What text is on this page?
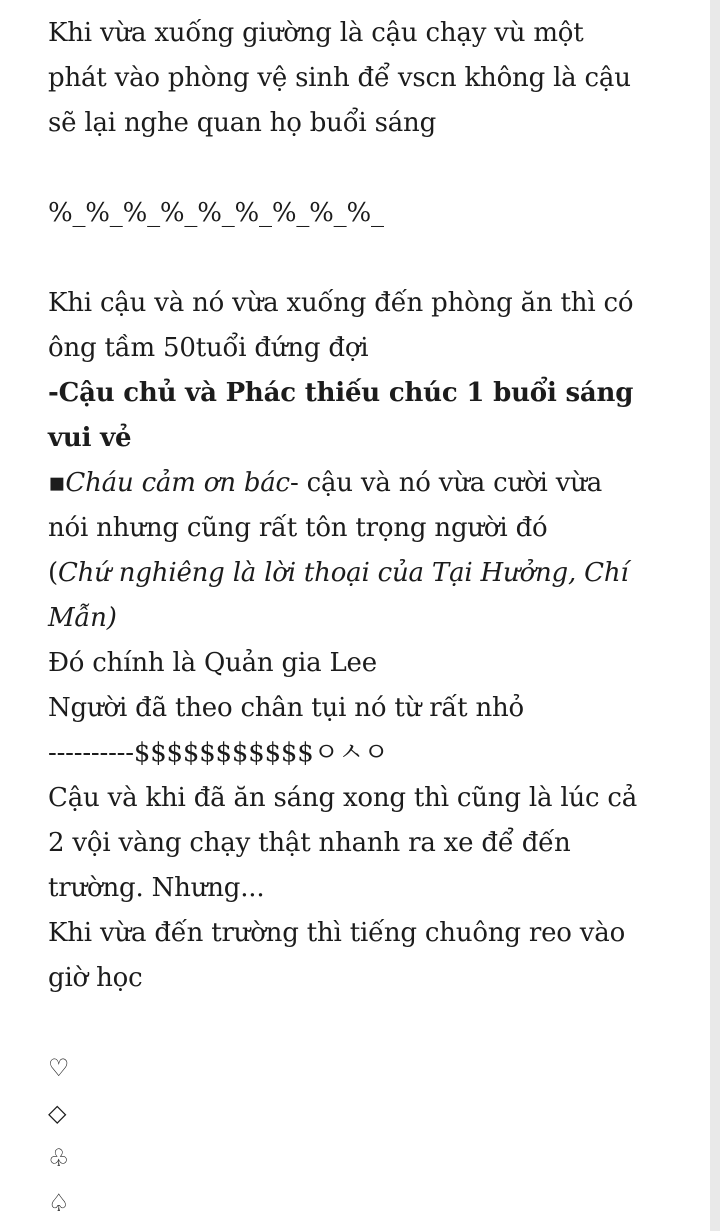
Khi vừa xuống giường là cậu chạy vù một
phát vào phòng vệ sinh để vscn không là cậu
sẽ lại nghe quan họ buổi sáng
%_%_%_%_%_%_%_%_%_
Khi cậu và nó vừa xuống đến phòng ăn thì có
ông tầm 50tuổi đứng đợi
-Cậu chủ và Phác thiếu chúc 1 buổi sáng
vui vẻ
▪Cháu cảm ơn bác- cậu và nó vừa cười vừa
nói nhưng cũng rất tôn trọng người đó
(Chứ nghiêng là lời thoại của Tại Hưởng, Chí
Mẫn)
Đó chính là Quản gia Lee
Người đã theo chân tụi nó từ rất nhỏ
----------$$$$$$$$$$$ㅇㅅㅇ
Cậu và khi đã ăn sáng xong thì cũng là lúc cả
2 vội vàng chạy thật nhanh ra xe để đến
trường. Nhưng...
Khi vừa đến trường thì tiếng chuông reo vào
giờ học
♡
◇
♧
♤
